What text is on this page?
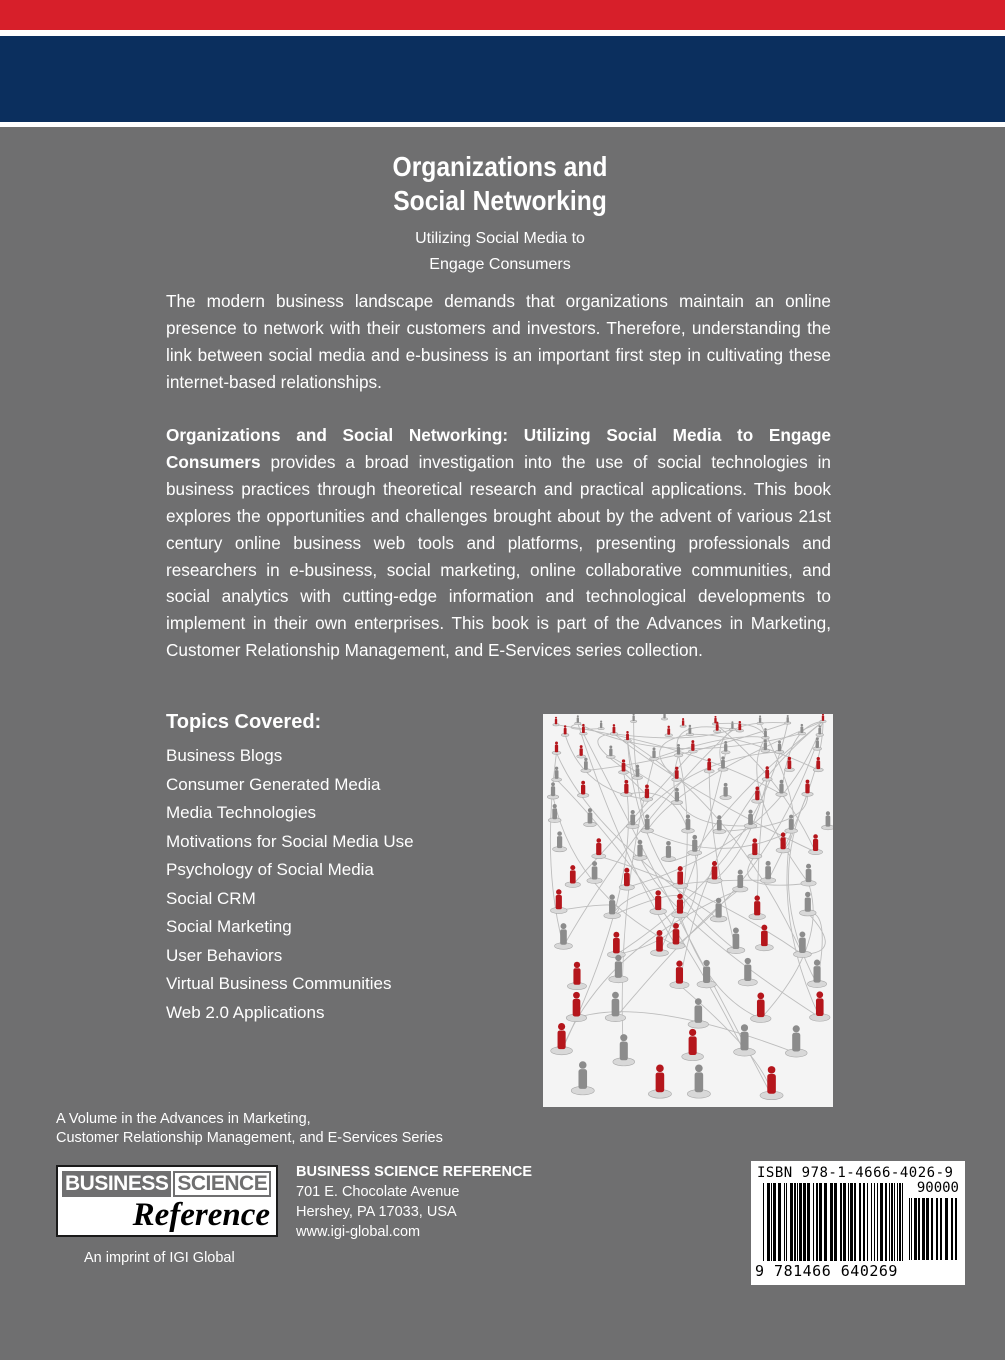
Organizations and
Social Networking
Utilizing Social Media to
Engage Consumers

The modern business landscape demands that organizations maintain an online presence to network with their customers and investors. Therefore, understanding the link between social media and e-business is an important first step in cultivating these internet-based relationships.

Organizations and Social Networking: Utilizing Social Media to Engage Consumers provides a broad investigation into the use of social technologies in business practices through theoretical research and practical applications. This book explores the opportunities and challenges brought about by the advent of various 21st century online business web tools and platforms, presenting professionals and researchers in e-business, social marketing, online collaborative communities, and social analytics with cutting-edge information and technological developments to implement in their own enterprises. This book is part of the Advances in Marketing, Customer Relationship Management, and E-Services series collection.

Topics Covered:
Business Blogs
Consumer Generated Media
Media Technologies
Motivations for Social Media Use
Psychology of Social Media
Social CRM
Social Marketing
User Behaviors
Virtual Business Communities
Web 2.0 Applications
A Volume in the Advances in Marketing,
Customer Relationship Management, and E-Services Series
BUSINESS SCIENCE
Reference
An imprint of IGI Global
BUSINESS SCIENCE REFERENCE
701 E. Chocolate Avenue
Hershey, PA 17033, USA
www.igi-global.com
ISBN 978-1-4666-4026-9
90000
9 781466 640269
